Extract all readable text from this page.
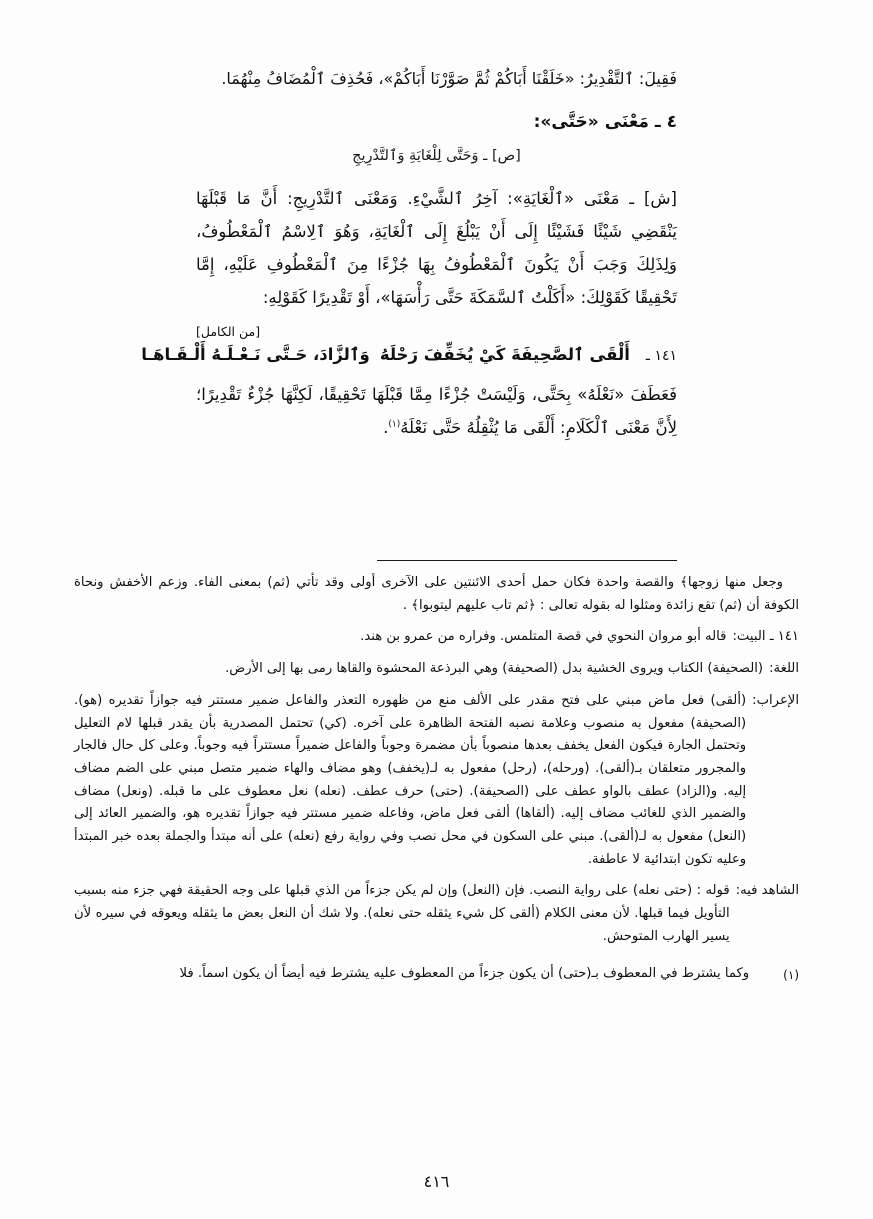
فَقِيلَ: ٱلتَّقْدِيرُ: «خَلَقْنَا أَبَاكُمْ ثُمَّ صَوَّرْنَا أَبَاكُمْ»، فَحُذِفَ ٱلْمُضَافُ مِنْهُمَا.
٤ ـ مَعْنَى «حَتَّى»:
[ص] ـ وَحَتَّى لِلْغَايَةِ وَٱلتَّدْرِيجِ
[ش] ـ مَعْنَى «ٱلْغَايَةِ»: آخِرُ ٱلشَّيْءِ. وَمَعْنَى ٱلتَّدْرِيجِ: أَنَّ مَا قَبْلَهَا يَنْقَضِي شَيْئًا فَشَيْئًا إِلَى أَنْ يَبْلُغَ إِلَى ٱلْغَايَةِ، وَهُوَ ٱلِاسْمُ ٱلْمَعْطُوفُ، وَلِذَلِكَ وَجَبَ أَنْ يَكُونَ ٱلْمَعْطُوفُ بِهَا جُزْءًا مِنَ ٱلْمَعْطُوفِ عَلَيْهِ، إِمَّا تَحْقِيقًا كَقَوْلِكَ: «أَكَلْتُ ٱلسَّمَكَةَ حَتَّى رَأْسَهَا»، أَوْ تَقْدِيرًا كَقَوْلِهِ:
[من الكامل]
١٤١ ـ
أَلْقَى ٱلصَّحِيفَةَ كَيْ يُخَفِّفَ رَحْلَهُ
وَٱلزَّادَ، حَـتَّى نَـعْـلَـهُ أَلْـقَـاهَـا
فَعَطَفَ «نَعْلَهُ» بِحَتَّى، وَلَيْسَتْ جُزْءًا مِمَّا قَبْلَهَا تَحْقِيقًا، لَكِنَّهَا جُزْءٌ تَقْدِيرًا؛ لِأَنَّ مَعْنَى ٱلْكَلَامِ: أَلْقَى مَا يُثْقِلُهُ حَتَّى نَعْلَهُ$^{(١)}$.
وجعل منها زوجها﴾ والقصة واحدة فكان حمل أحدى الائنتين على الآخرى أولى وقد تأتي (ثم) بمعنى الفاء. وزعم الأخفش ونحاة الكوفة أن (ثم) تقع زائدة ومثلوا له بقوله تعالى : ﴿ثم تاب عليهم ليتوبوا﴾ .
١٤١ ـ البيت:
قاله أبو مروان النحوي في قصة المتلمس. وفراره من عمرو بن هند.
اللغة:
(الصحيفة) الكتاب ويروى الخشية بدل (الصحيفة) وهي البرذعة المحشوة والقاها رمى بها إلى الأرض.
الإعراب:
(ألقى) فعل ماض مبني على فتح مقدر على الألف منع من ظهوره التعذر والفاعل ضمير مستتر فيه جوازاً تقديره (هو). (الصحيفة) مفعول به منصوب وعلامة نصبه الفتحة الظاهرة على آخره. (كي) تحتمل المصدرية بأن يقدر قبلها لام التعليل وتحتمل الجارة فيكون الفعل يخفف بعدها منصوباً بأن مضمرة وجوباً والفاعل ضميراً مستتراً فيه وجوباً. وعلى كل حال فالجار والمجرور متعلقان بـ(ألقى). (ورحله)، (رحل) مفعول به لـ(يخفف) وهو مضاف والهاء ضمير متصل مبني على الضم مضاف إليه. و(الزاد) عطف بالواو عطف على (الصحيفة). (حتى) حرف عطف. (نعله) نعل معطوف على ما قبله. (ونعل) مضاف والضمير الذي للغائب مضاف إليه. (ألقاها) ألقى فعل ماض، وفاعله ضمير مستتر فيه جوازاً تقديره هو، والضمير العائد إلى (النعل) مفعول به لـ(ألقى). مبني على السكون في محل نصب وفي رواية رفع (نعله) على أنه مبتدأ والجملة بعده خبر المبتدأ وعليه تكون ابتدائية لا عاطفة.
الشاهد فيه:
قوله : (حتى نعله) على رواية النصب. فإن (النعل) وإن لم يكن جزءاً من الذي قبلها على وجه الحقيقة فهي جزء منه بسبب التأويل فيما قبلها. لأن معنى الكلام (ألقى كل شيء يثقله حتى نعله). ولا شك أن النعل بعض ما يثقله ويعوقه في سيره لأن يسير الهارب المتوحش.
(١)
وكما يشترط في المعطوف بـ(حتى) أن يكون جزءاً من المعطوف عليه يشترط فيه أيضاً أن يكون اسماً. فلا
٤١٦
